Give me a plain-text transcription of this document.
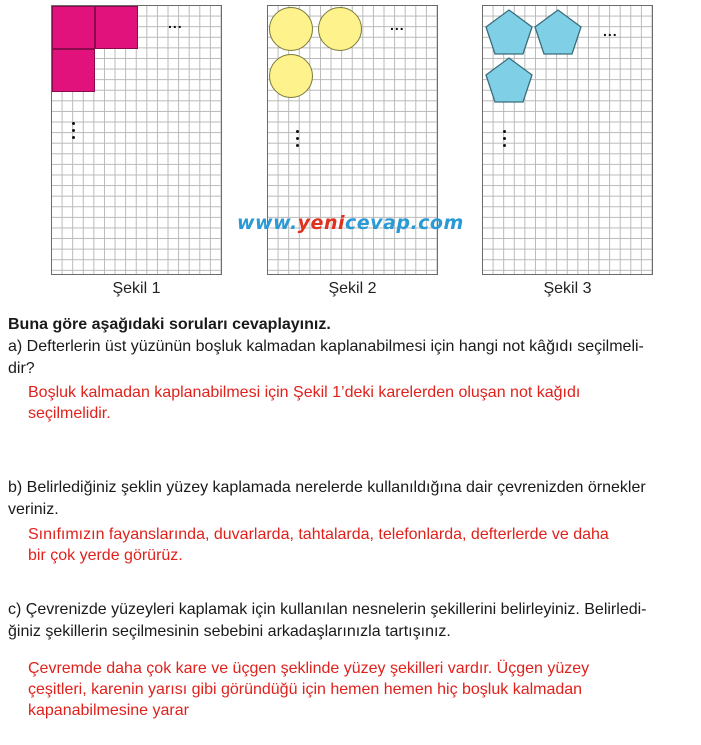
...	...	...
Şekil 1	Şekil 2	Şekil 3
www.yenicevap.com
Buna göre aşağıdaki soruları cevaplayınız.
a) Defterlerin üst yüzünün boşluk kalmadan kaplanabilmesi için hangi not kâğıdı seçilmeli-
dir?
Boşluk kalmadan kaplanabilmesi için Şekil 1’deki karelerden oluşan not kağıdı
seçilmelidir.
b) Belirlediğiniz şeklin yüzey kaplamada nerelerde kullanıldığına dair çevrenizden örnekler
veriniz.
Sınıfımızın fayanslarında, duvarlarda, tahtalarda, telefonlarda, defterlerde ve daha
bir çok yerde görürüz.
c) Çevrenizde yüzeyleri kaplamak için kullanılan nesnelerin şekillerini belirleyiniz. Belirledi-
ğiniz şekillerin seçilmesinin sebebini arkadaşlarınızla tartışınız.
Çevremde daha çok kare ve üçgen şeklinde yüzey şekilleri vardır. Üçgen yüzey
çeşitleri, karenin yarısı gibi göründüğü için hemen hemen hiç boşluk kalmadan
kapanabilmesine yarar
